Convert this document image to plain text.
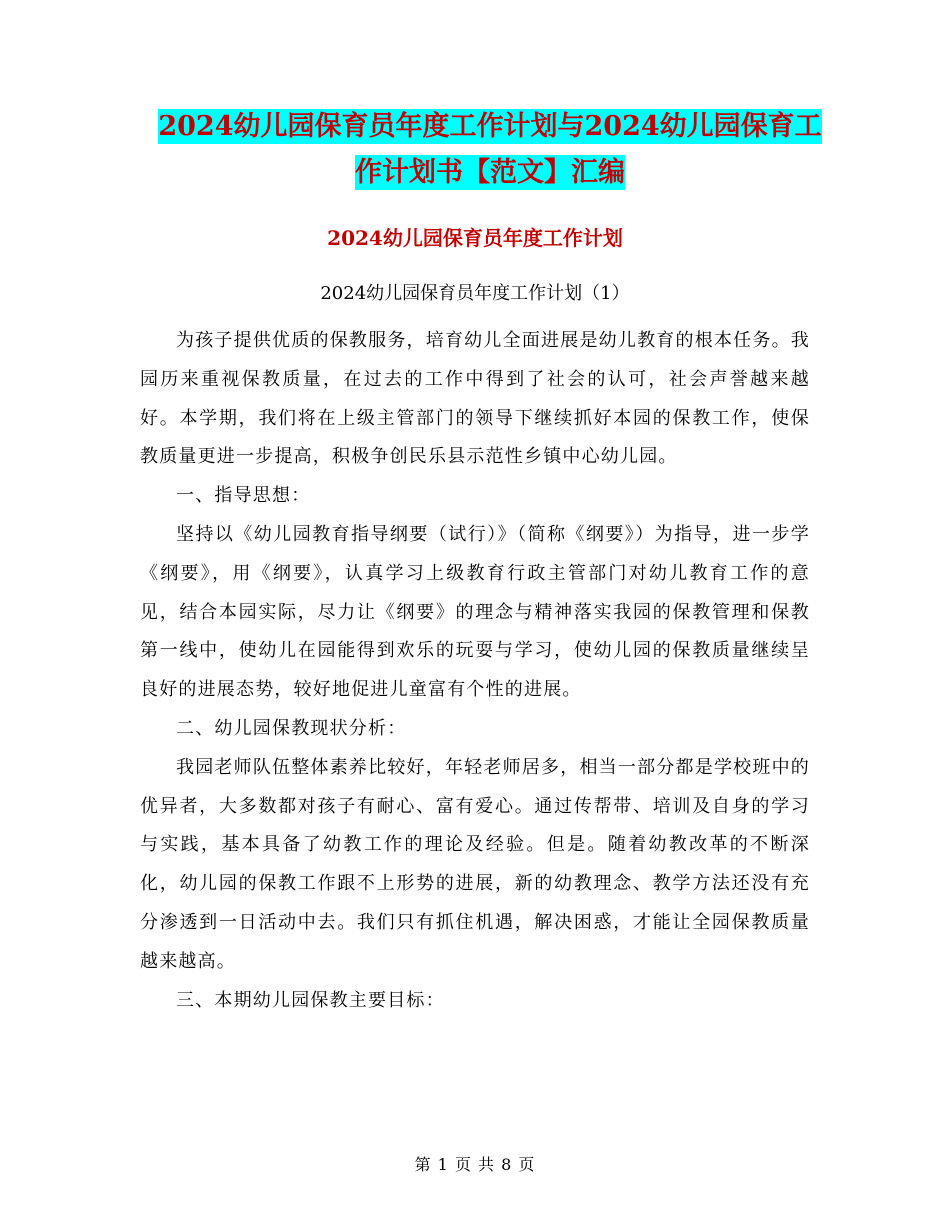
2024幼儿园保育员年度工作计划与2024幼儿园保育工
作计划书【范文】汇编
2024幼儿园保育员年度工作计划
2024幼儿园保育员年度工作计划（1）

为孩子提供优质的保教服务，培育幼儿全面进展是幼儿教育的根本任务。我园历来重视保教质量，在过去的工作中得到了社会的认可，社会声誉越来越好。本学期，我们将在上级主管部门的领导下继续抓好本园的保教工作，使保教质量更进一步提高，积极争创民乐县示范性乡镇中心幼儿园。

一、指导思想：

坚持以《幼儿园教育指导纲要（试行）》（简称《纲要》）为指导，进一步学《纲要》，用《纲要》，认真学习上级教育行政主管部门对幼儿教育工作的意见，结合本园实际，尽力让《纲要》的理念与精神落实我园的保教管理和保教第一线中，使幼儿在园能得到欢乐的玩耍与学习，使幼儿园的保教质量继续呈良好的进展态势，较好地促进儿童富有个性的进展。

二、幼儿园保教现状分析：

我园老师队伍整体素养比较好，年轻老师居多，相当一部分都是学校班中的优异者，大多数都对孩子有耐心、富有爱心。通过传帮带、培训及自身的学习与实践，基本具备了幼教工作的理论及经验。但是。随着幼教改革的不断深化，幼儿园的保教工作跟不上形势的进展，新的幼教理念、教学方法还没有充分渗透到一日活动中去。我们只有抓住机遇，解决困惑，才能让全园保教质量越来越高。

三、本期幼儿园保教主要目标：

第 1 页 共 8 页
